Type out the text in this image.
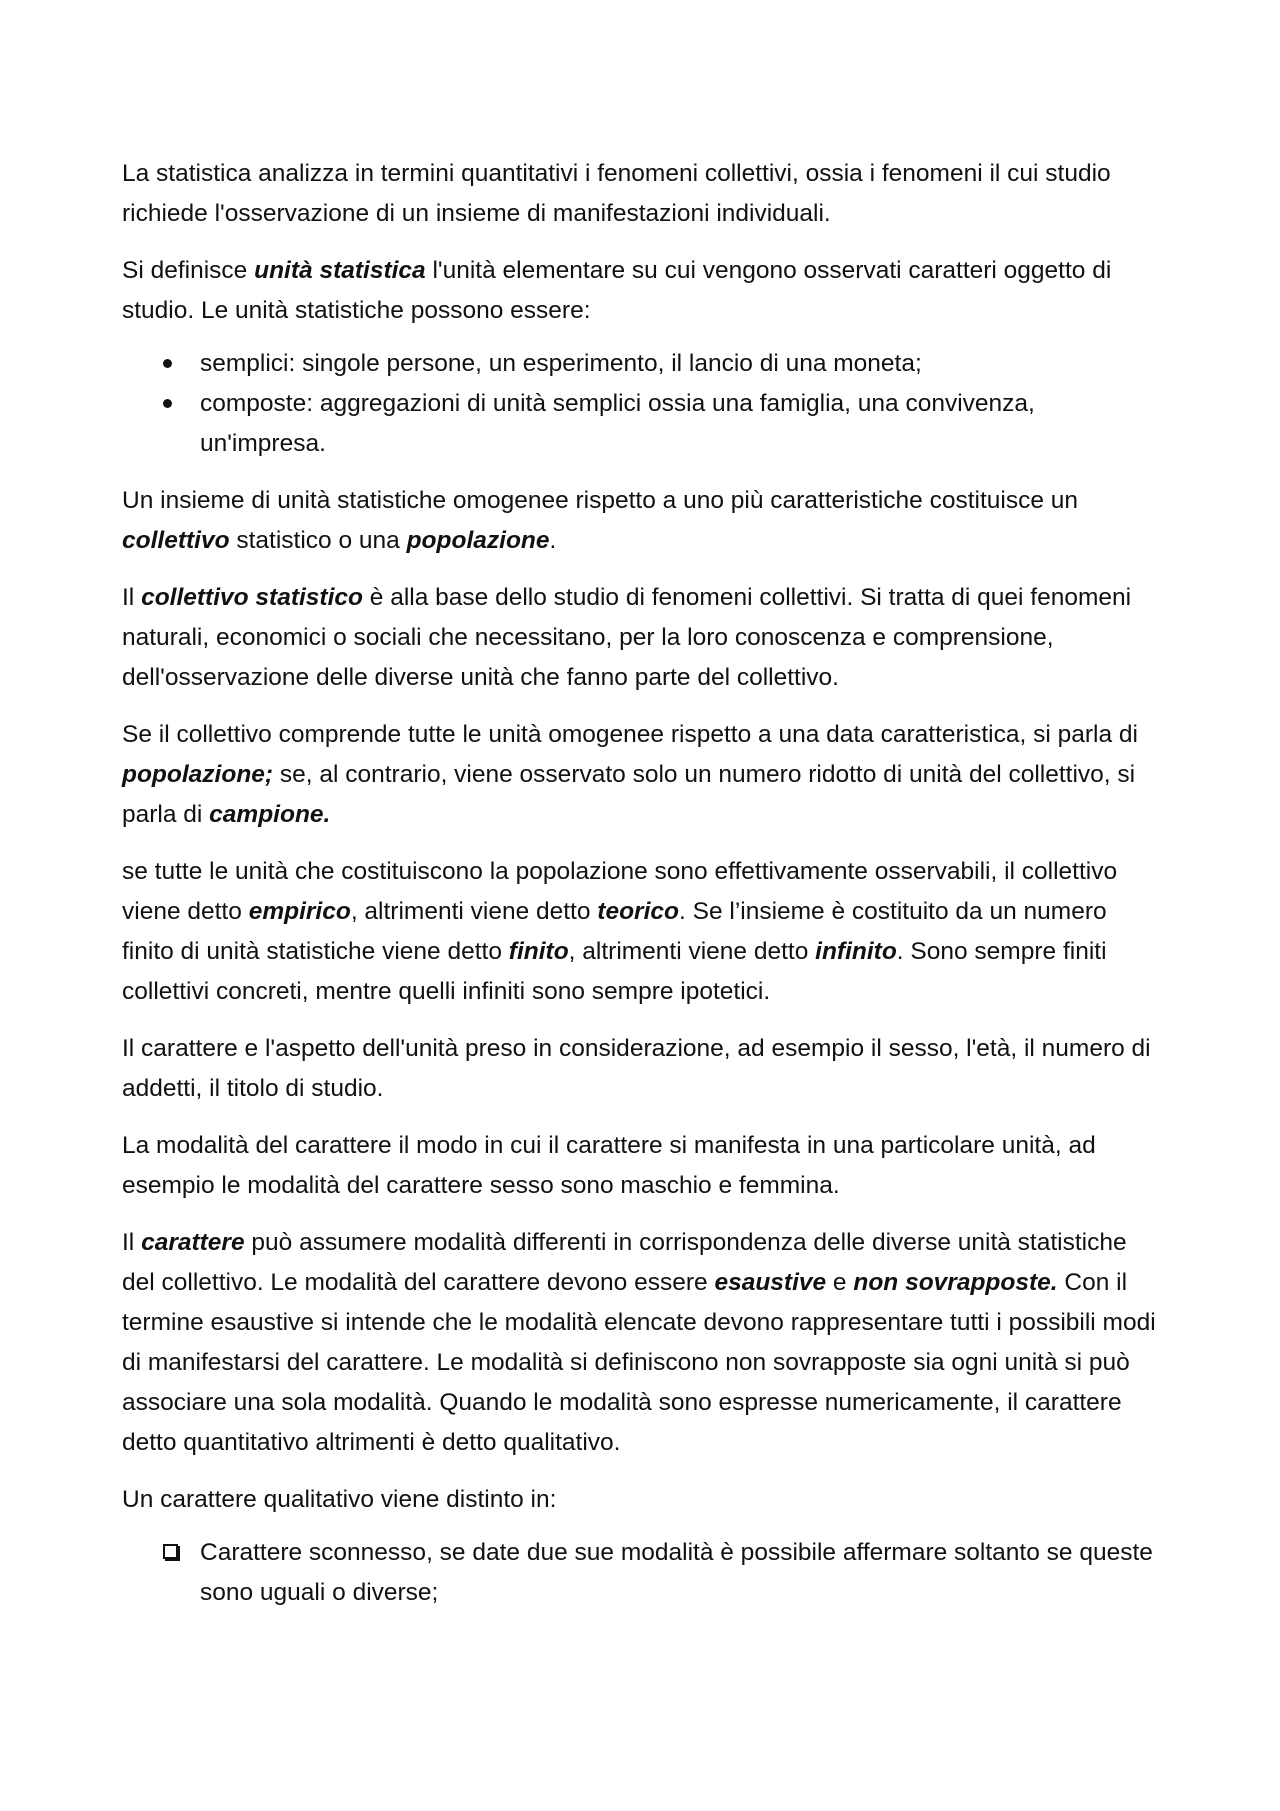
La statistica analizza in termini quantitativi i fenomeni collettivi, ossia i fenomeni il cui studio richiede l'osservazione di un insieme di manifestazioni individuali.

Si definisce unità statistica l'unità elementare su cui vengono osservati caratteri oggetto di studio. Le unità statistiche possono essere:

semplici: singole persone, un esperimento, il lancio di una moneta;
composte: aggregazioni di unità semplici ossia una famiglia, una convivenza, un'impresa.

Un insieme di unità statistiche omogenee rispetto a uno più caratteristiche costituisce un collettivo statistico o una popolazione.

Il collettivo statistico è alla base dello studio di fenomeni collettivi. Si tratta di quei fenomeni naturali, economici o sociali che necessitano, per la loro conoscenza e comprensione, dell'osservazione delle diverse unità che fanno parte del collettivo.

Se il collettivo comprende tutte le unità omogenee rispetto a una data caratteristica, si parla di popolazione; se, al contrario, viene osservato solo un numero ridotto di unità del collettivo, si parla di campione.

se tutte le unità che costituiscono la popolazione sono effettivamente osservabili, il collettivo viene detto empirico, altrimenti viene detto teorico. Se l’insieme è costituito da un numero finito di unità statistiche viene detto finito, altrimenti viene detto infinito. Sono sempre finiti collettivi concreti, mentre quelli infiniti sono sempre ipotetici.

Il carattere e l'aspetto dell'unità preso in considerazione, ad esempio il sesso, l'età, il numero di addetti, il titolo di studio.

La modalità del carattere il modo in cui il carattere si manifesta in una particolare unità, ad esempio le modalità del carattere sesso sono maschio e femmina.

Il carattere può assumere modalità differenti in corrispondenza delle diverse unità statistiche del collettivo. Le modalità del carattere devono essere esaustive e non sovrapposte. Con il termine esaustive si intende che le modalità elencate devono rappresentare tutti i possibili modi di manifestarsi del carattere. Le modalità si definiscono non sovrapposte sia ogni unità si può associare una sola modalità. Quando le modalità sono espresse numericamente, il carattere detto quantitativo altrimenti è detto qualitativo.

Un carattere qualitativo viene distinto in:

Carattere sconnesso, se date due sue modalità è possibile affermare soltanto se queste sono uguali o diverse;
